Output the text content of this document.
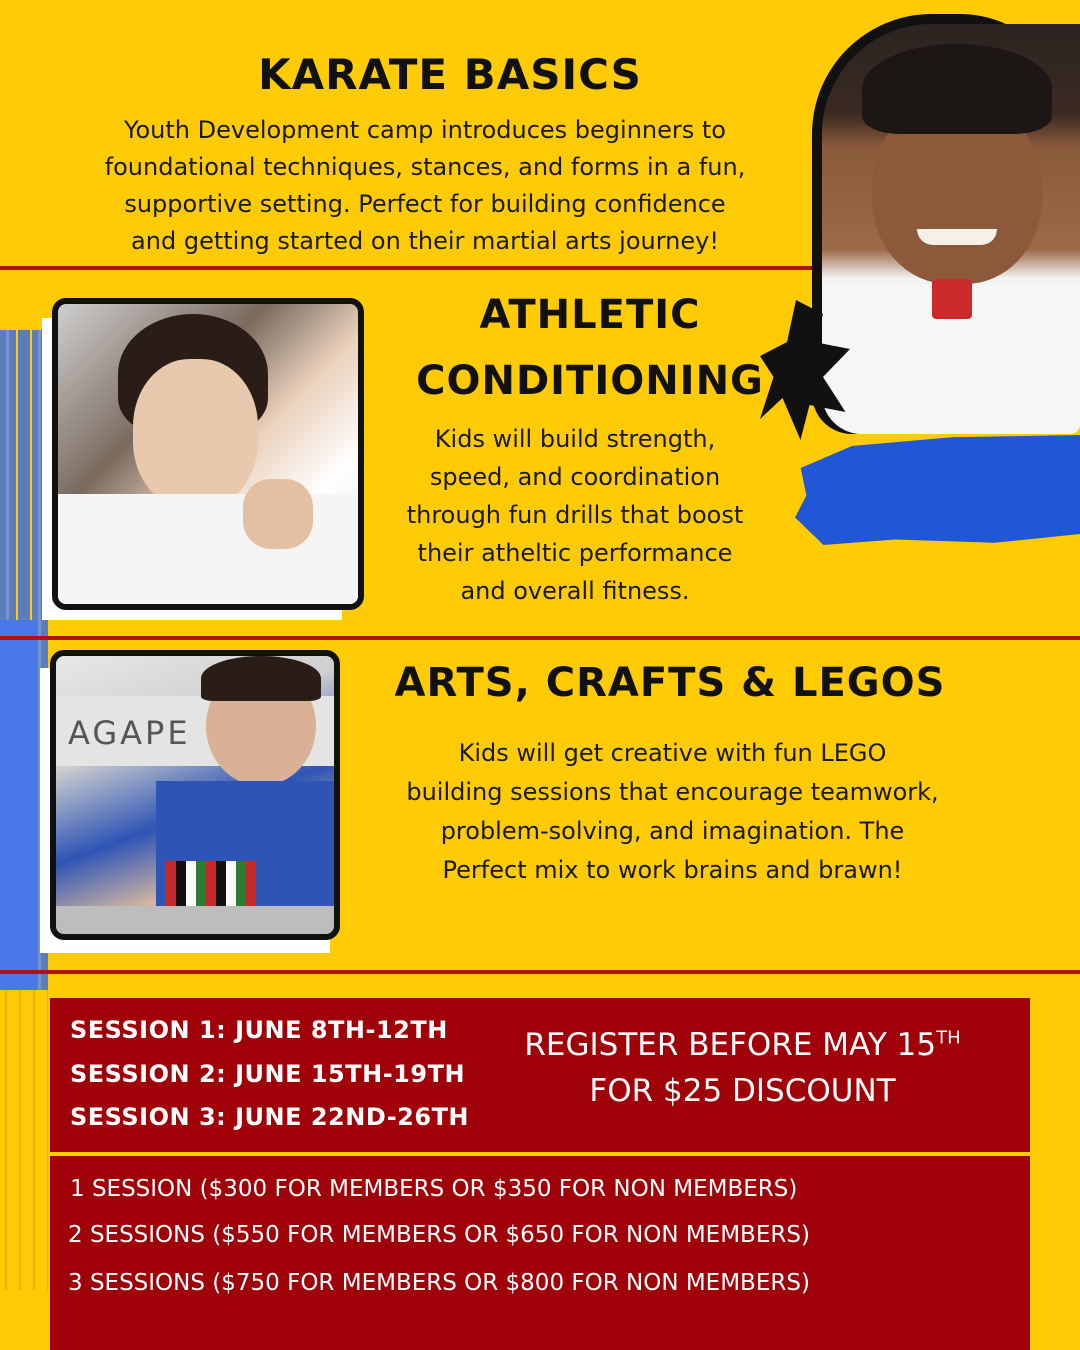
KARATE BASICS
Youth Development camp introduces beginners to
foundational techniques, stances, and forms in a fun,
supportive setting. Perfect for building confidence
and getting started on their martial arts journey!
ATHLETIC
CONDITIONING
Kids will build strength,
speed, and coordination
through fun drills that boost
their atheltic performance
and overall fitness.
AGAPE
ARTS, CRAFTS & LEGOS
Kids will get creative with fun LEGO
building sessions that encourage teamwork,
problem-solving, and imagination. The
Perfect mix to work brains and brawn!
SESSION 1: JUNE 8TH-12TH
SESSION 2: JUNE 15TH-19TH
SESSION 3: JUNE 22ND-26TH
REGISTER BEFORE MAY 15TH
FOR $25 DISCOUNT
1 SESSION ($300 FOR MEMBERS OR $350 FOR NON MEMBERS)
2 SESSIONS ($550 FOR MEMBERS OR $650 FOR NON MEMBERS)
3 SESSIONS ($750 FOR MEMBERS OR $800 FOR NON MEMBERS)
